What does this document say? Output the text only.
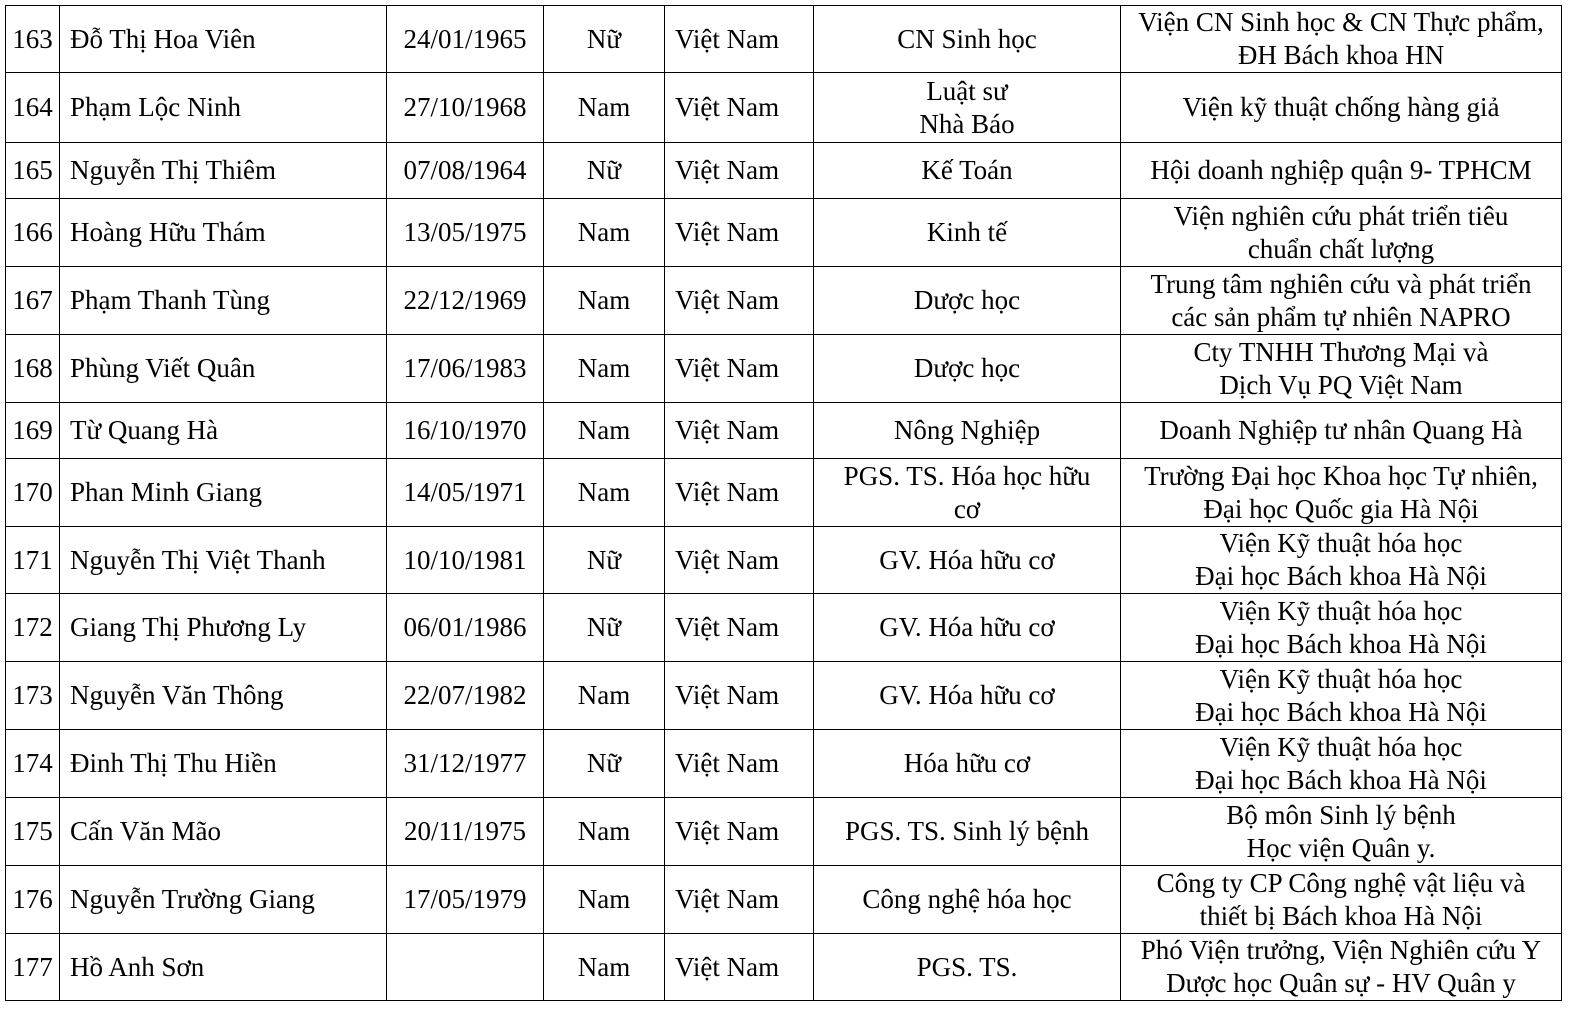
163	Đỗ Thị Hoa Viên	24/01/1965	Nữ	Việt Nam	CN Sinh học	Viện CN Sinh học & CN Thực phẩm,
ĐH Bách khoa HN
164	Phạm Lộc Ninh	27/10/1968	Nam	Việt Nam	Luật sư
Nhà Báo	Viện kỹ thuật chống hàng giả
165	Nguyễn Thị Thiêm	07/08/1964	Nữ	Việt Nam	Kế Toán	Hội doanh nghiệp quận 9- TPHCM
166	Hoàng Hữu Thám	13/05/1975	Nam	Việt Nam	Kinh tế	Viện nghiên cứu phát triển tiêu
chuẩn chất lượng
167	Phạm Thanh Tùng	22/12/1969	Nam	Việt Nam	Dược học	Trung tâm nghiên cứu và phát triển
các sản phẩm tự nhiên NAPRO
168	Phùng Viết Quân	17/06/1983	Nam	Việt Nam	Dược học	Cty TNHH Thương Mại và
Dịch Vụ PQ Việt Nam
169	Từ Quang Hà	16/10/1970	Nam	Việt Nam	Nông Nghiệp	Doanh Nghiệp tư nhân Quang Hà
170	Phan Minh Giang	14/05/1971	Nam	Việt Nam	PGS. TS. Hóa học hữu
cơ	Trường Đại học Khoa học Tự nhiên,
Đại học Quốc gia Hà Nội
171	Nguyễn Thị Việt Thanh	10/10/1981	Nữ	Việt Nam	GV. Hóa hữu cơ	Viện Kỹ thuật hóa học
Đại học Bách khoa Hà Nội
172	Giang Thị Phương Ly	06/01/1986	Nữ	Việt Nam	GV. Hóa hữu cơ	Viện Kỹ thuật hóa học
Đại học Bách khoa Hà Nội
173	Nguyễn Văn Thông	22/07/1982	Nam	Việt Nam	GV. Hóa hữu cơ	Viện Kỹ thuật hóa học
Đại học Bách khoa Hà Nội
174	Đinh Thị Thu Hiền	31/12/1977	Nữ	Việt Nam	Hóa hữu cơ	Viện Kỹ thuật hóa học
Đại học Bách khoa Hà Nội
175	Cấn Văn Mão	20/11/1975	Nam	Việt Nam	PGS. TS. Sinh lý bệnh	Bộ môn Sinh lý bệnh
Học viện Quân y.
176	Nguyễn Trường Giang	17/05/1979	Nam	Việt Nam	Công nghệ hóa học	Công ty CP Công nghệ vật liệu và
thiết bị Bách khoa Hà Nội
177	Hồ Anh Sơn		Nam	Việt Nam	PGS. TS.	Phó Viện trưởng, Viện Nghiên cứu Y
Dược học Quân sự - HV Quân y
